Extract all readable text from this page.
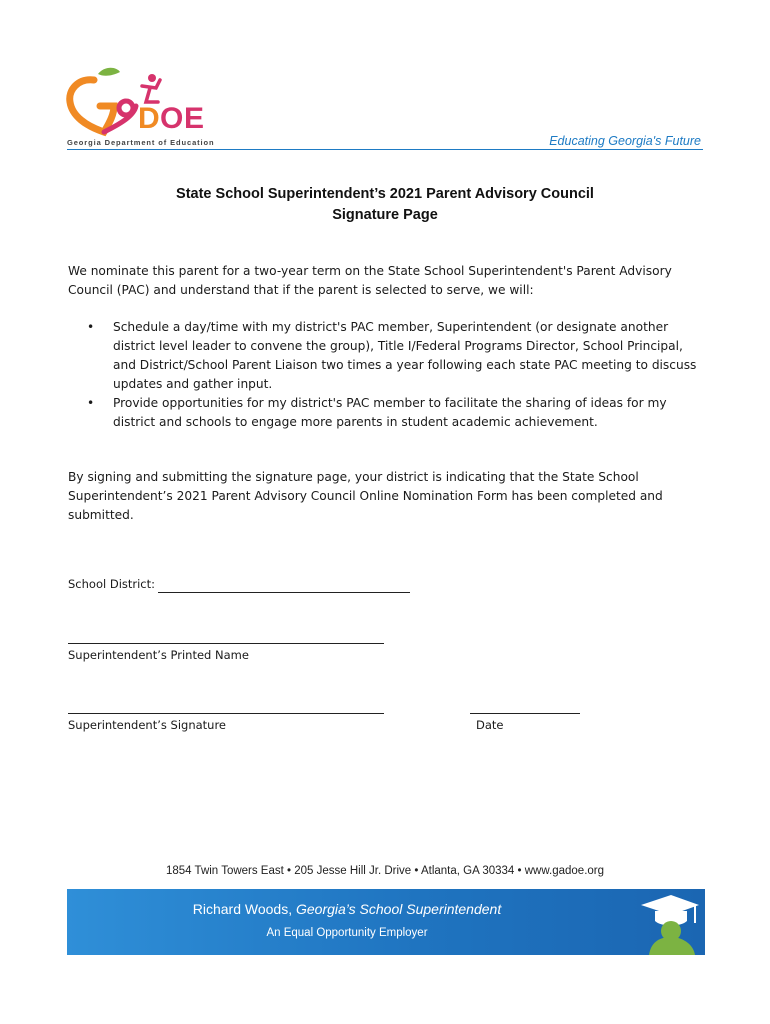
D O E
Georgia Department of Education	Educating Georgia's Future
State School Superintendent’s 2021 Parent Advisory Council
Signature Page
We nominate this parent for a two-year term on the State School Superintendent's Parent Advisory Council (PAC) and understand that if the parent is selected to serve, we will:
• Schedule a day/time with my district's PAC member, Superintendent (or designate another district level leader to convene the group), Title I/Federal Programs Director, School Principal, and District/School Parent Liaison two times a year following each state PAC meeting to discuss updates and gather input.
• Provide opportunities for my district's PAC member to facilitate the sharing of ideas for my district and schools to engage more parents in student academic achievement.
By signing and submitting the signature page, your district is indicating that the State School Superintendent’s 2021 Parent Advisory Council Online Nomination Form has been completed and submitted.
School District:
Superintendent’s Printed Name
Superintendent’s Signature	Date
1854 Twin Towers East • 205 Jesse Hill Jr. Drive • Atlanta, GA 30334 • www.gadoe.org
Richard Woods, Georgia’s School Superintendent
An Equal Opportunity Employer
